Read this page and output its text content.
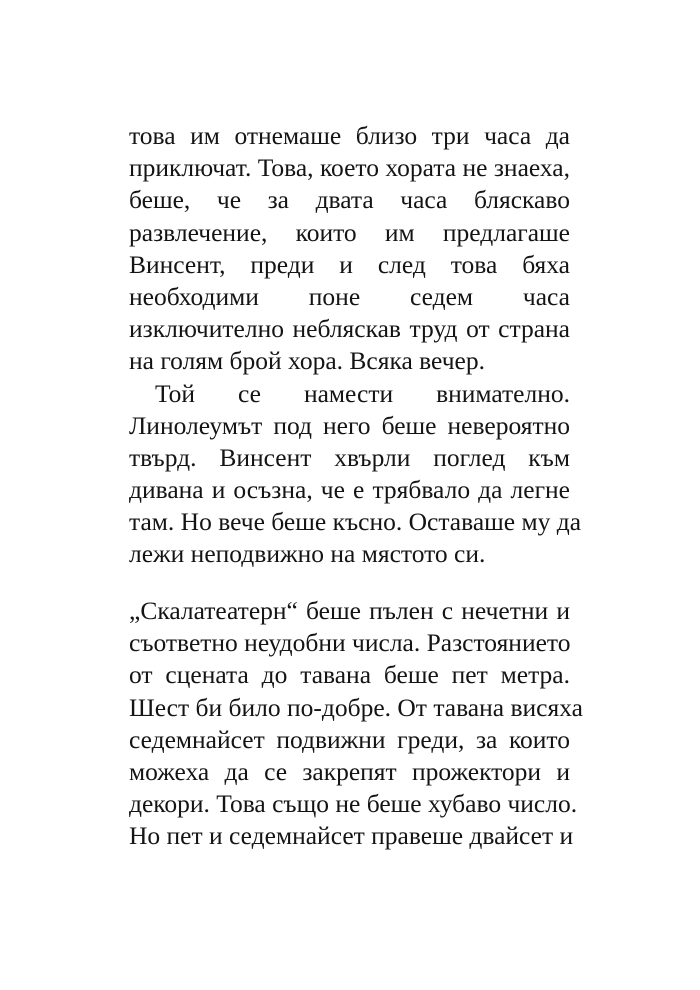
това им отнемаше близо три часа да
приключат. Това, което хората не знаеха,
беше, че за двата часа бляскаво
развлечение, които им предлагаше
Винсент, преди и след това бяха
необходими поне седем часа
изключително небляскав труд от страна
на голям брой хора. Всяка вечер.
Той се намести внимателно.
Линолеумът под него беше невероятно
твърд. Винсент хвърли поглед към
дивана и осъзна, че е трябвало да легне
там. Но вече беше късно. Оставаше му да
лежи неподвижно на мястото си.
„Скалатеатерн“ беше пълен с нечетни и
съответно неудобни числа. Разстоянието
от сцената до тавана беше пет метра.
Шест би било по-добре. От тавана висяха
седемнайсет подвижни греди, за които
можеха да се закрепят прожектори и
декори. Това също не беше хубаво число.
Но пет и седемнайсет правеше двайсет и
